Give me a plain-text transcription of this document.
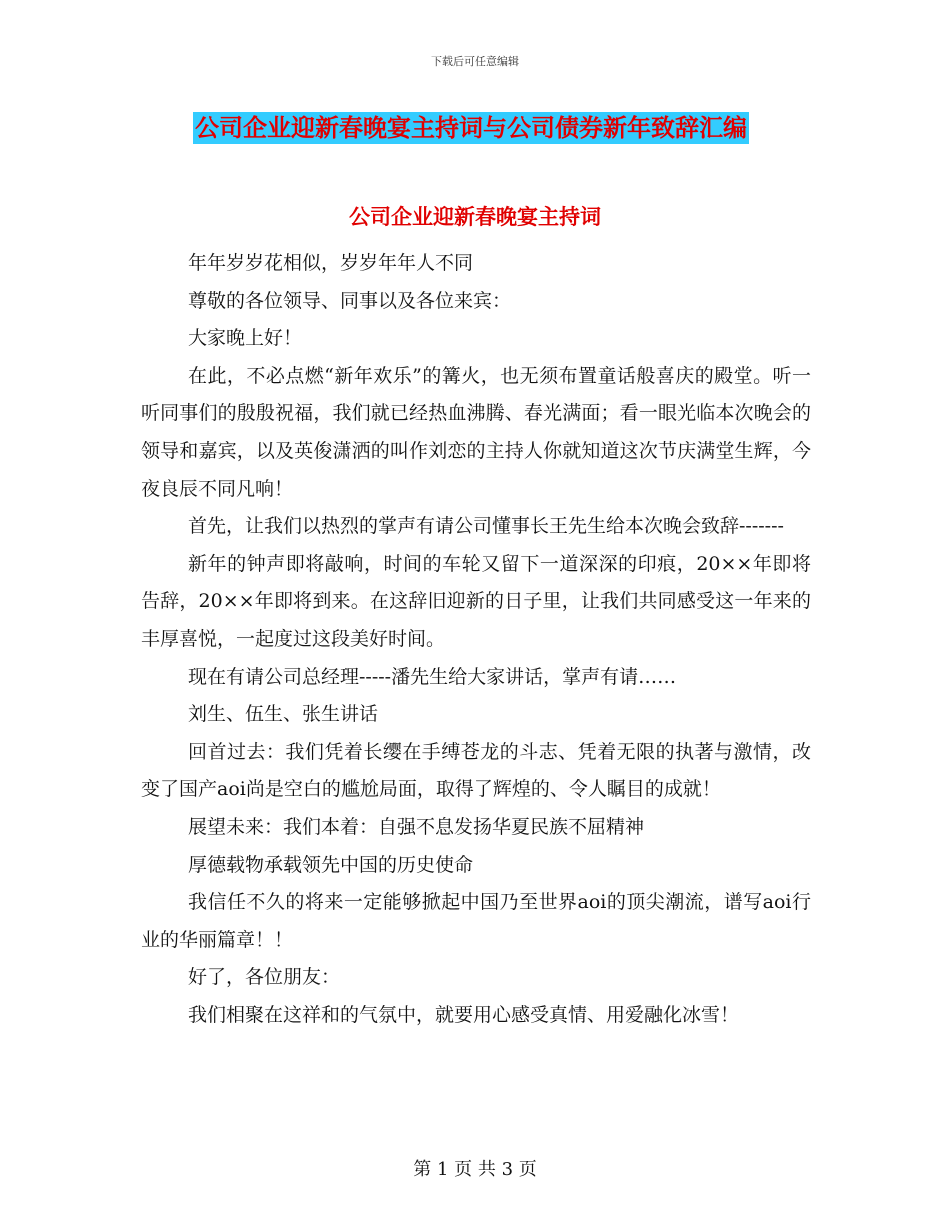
下载后可任意编辑
公司企业迎新春晚宴主持词与公司债券新年致辞汇编
公司企业迎新春晚宴主持词

年年岁岁花相似，岁岁年年人不同

尊敬的各位领导、同事以及各位来宾：

大家晚上好！

在此，不必点燃“新年欢乐”的篝火，也无须布置童话般喜庆的殿堂。听一听同事们的殷殷祝福，我们就已经热血沸腾、春光满面；看一眼光临本次晚会的领导和嘉宾，以及英俊潇洒的叫作刘恋的主持人你就知道这次节庆满堂生辉，今夜良辰不同凡响！

首先，让我们以热烈的掌声有请公司懂事长王先生给本次晚会致辞-------

新年的钟声即将敲响，时间的车轮又留下一道深深的印痕，20××年即将告辞，20××年即将到来。在这辞旧迎新的日子里，让我们共同感受这一年来的丰厚喜悦，一起度过这段美好时间。

现在有请公司总经理-----潘先生给大家讲话，掌声有请……

刘生、伍生、张生讲话

回首过去：我们凭着长缨在手缚苍龙的斗志、凭着无限的执著与激情，改变了国产aoi尚是空白的尴尬局面，取得了辉煌的、令人瞩目的成就！

展望未来：我们本着：自强不息发扬华夏民族不屈精神

厚德载物承载领先中国的历史使命

我信任不久的将来一定能够掀起中国乃至世界aoi的顶尖潮流，谱写aoi行业的华丽篇章！！

好了，各位朋友：

我们相聚在这祥和的气氛中，就要用心感受真情、用爱融化冰雪！

第 1 页 共 3 页
